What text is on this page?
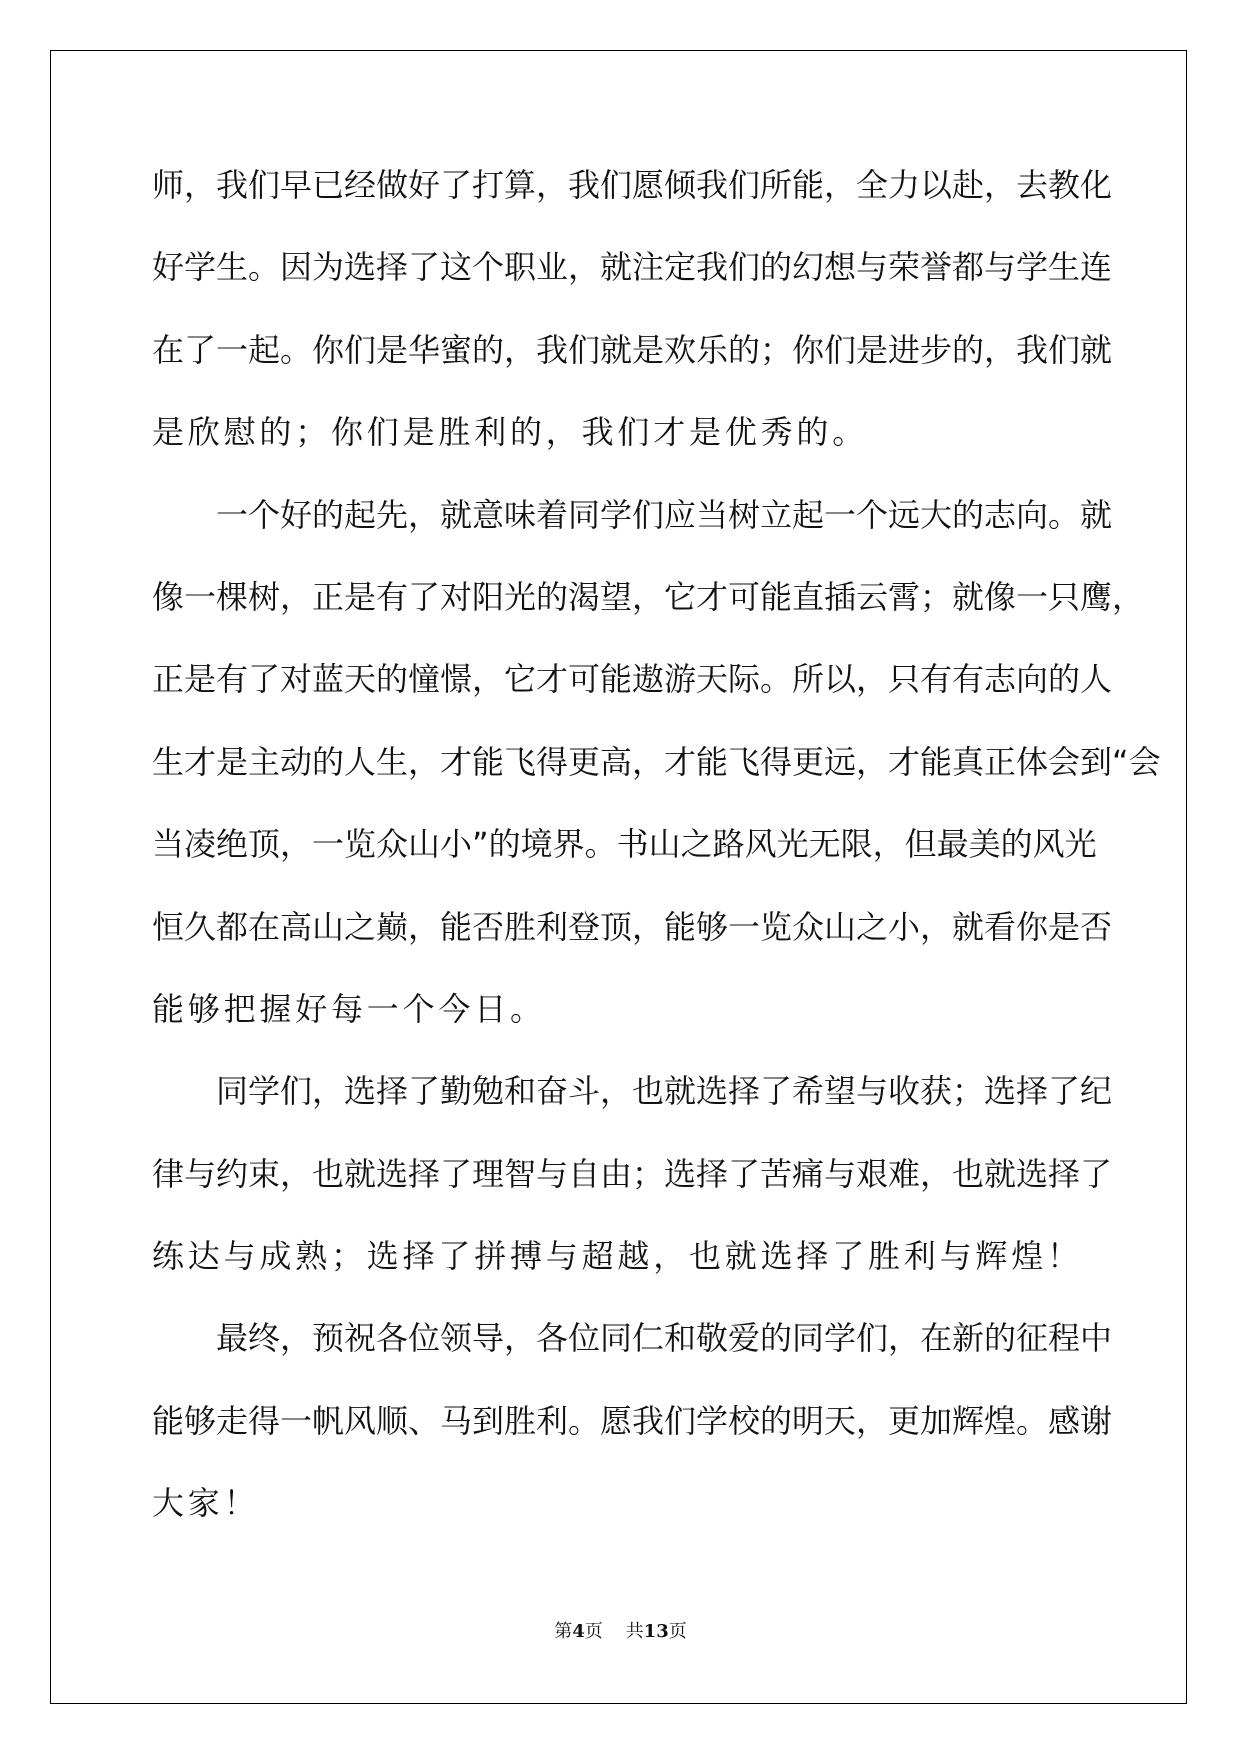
师，我们早已经做好了打算，我们愿倾我们所能，全力以赴，去教化
好学生。因为选择了这个职业，就注定我们的幻想与荣誉都与学生连
在了一起。你们是华蜜的，我们就是欢乐的；你们是进步的，我们就
是欣慰的；你们是胜利的，我们才是优秀的。
　　一个好的起先，就意味着同学们应当树立起一个远大的志向。就
像一棵树，正是有了对阳光的渴望，它才可能直插云霄；就像一只鹰，
正是有了对蓝天的憧憬，它才可能遨游天际。所以，只有有志向的人
生才是主动的人生，才能飞得更高，才能飞得更远，才能真正体会到“会
当凌绝顶，一览众山小”的境界。书山之路风光无限，但最美的风光
恒久都在高山之巅，能否胜利登顶，能够一览众山之小，就看你是否
能够把握好每一个今日。
　　同学们，选择了勤勉和奋斗，也就选择了希望与收获；选择了纪
律与约束，也就选择了理智与自由；选择了苦痛与艰难，也就选择了
练达与成熟；选择了拼搏与超越，也就选择了胜利与辉煌！
　　最终，预祝各位领导，各位同仁和敬爱的同学们，在新的征程中
能够走得一帆风顺、马到胜利。愿我们学校的明天，更加辉煌。感谢
大家！
第4页 共13页
